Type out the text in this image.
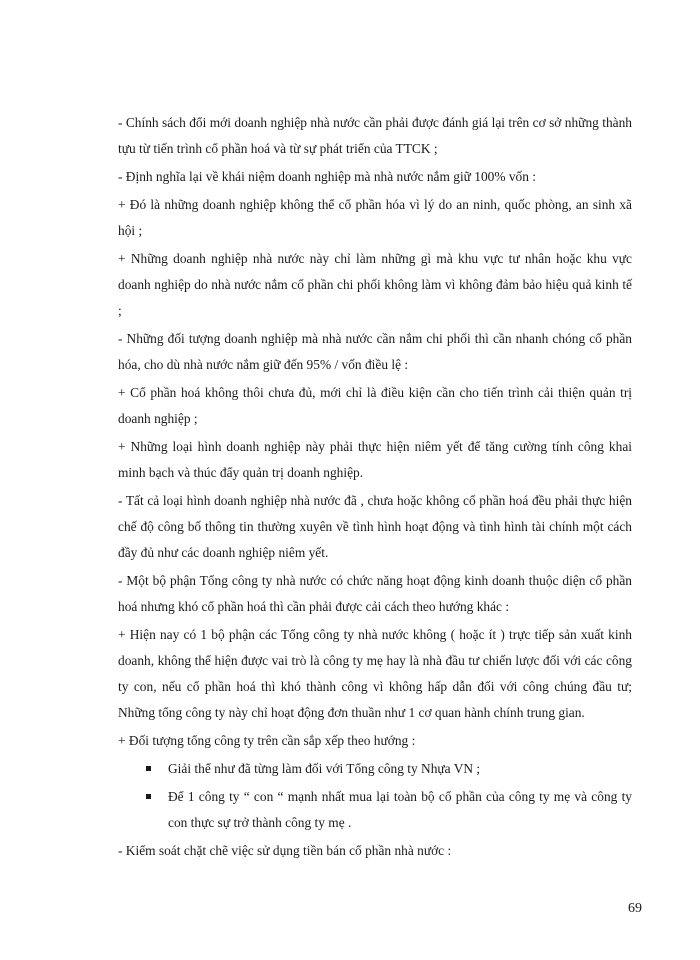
- Chính sách đổi mới doanh nghiệp nhà nước cần phải được đánh giá lại trên cơ sở những thành tựu từ tiến trình cổ phần hoá và từ sự phát triển của TTCK ;

- Định nghĩa lại về khái niệm doanh nghiệp mà nhà nước nắm giữ 100% vốn :

+ Đó là những doanh nghiệp không thể cổ phần hóa vì lý do an ninh, quốc phòng, an sinh xã hội ;

+ Những doanh nghiệp nhà nước này chỉ làm những gì mà khu vực tư nhân hoặc khu vực doanh nghiệp do nhà nước nắm cổ phần chi phối không làm vì không đảm bảo hiệu quả kinh tế ;

- Những đối tượng doanh nghiệp mà nhà nước cần nắm chi phối thì cần nhanh chóng cổ phần hóa, cho dù nhà nước nắm giữ đến 95% / vốn điều lệ :

+ Cổ phần hoá không thôi chưa đủ, mới chỉ là điều kiện cần cho tiến trình cải thiện quản trị doanh nghiệp ;

+ Những loại hình doanh nghiệp này phải thực hiện niêm yết để tăng cường tính công khai minh bạch và thúc đẩy quản trị doanh nghiệp.

- Tất cả loại hình doanh nghiệp nhà nước đã , chưa hoặc không cổ phần hoá đều phải thực hiện chế độ công bố thông tin thường xuyên về tình hình hoạt động và tình hình tài chính một cách đầy đủ như các doanh nghiệp niêm yết.

- Một bộ phận Tổng công ty nhà nước có chức năng hoạt động kinh doanh thuộc diện cổ phần hoá nhưng khó cổ phần hoá thì cần phải được cải cách theo hướng khác :

+ Hiện nay có 1 bộ phận các Tổng công ty nhà nước không ( hoặc ít ) trực tiếp sản xuất kinh doanh, không thể hiện được vai trò là công ty mẹ hay là nhà đầu tư chiến lược đối với các công ty con, nếu cổ phần hoá thì khó thành công vì không hấp dẫn đối với công chúng đầu tư; Những tổng công ty này chỉ hoạt động đơn thuần như 1 cơ quan hành chính trung gian.

+ Đối tượng tổng công ty trên cần sắp xếp theo hướng :

Giải thể như đã từng làm đối với Tổng công ty Nhựa VN ;
Để 1 công ty “ con “ mạnh nhất mua lại toàn bộ cổ phần của công ty mẹ và công ty con thực sự trở thành công ty mẹ .

- Kiểm soát chặt chẽ việc sử dụng tiền bán cổ phần nhà nước :

69
